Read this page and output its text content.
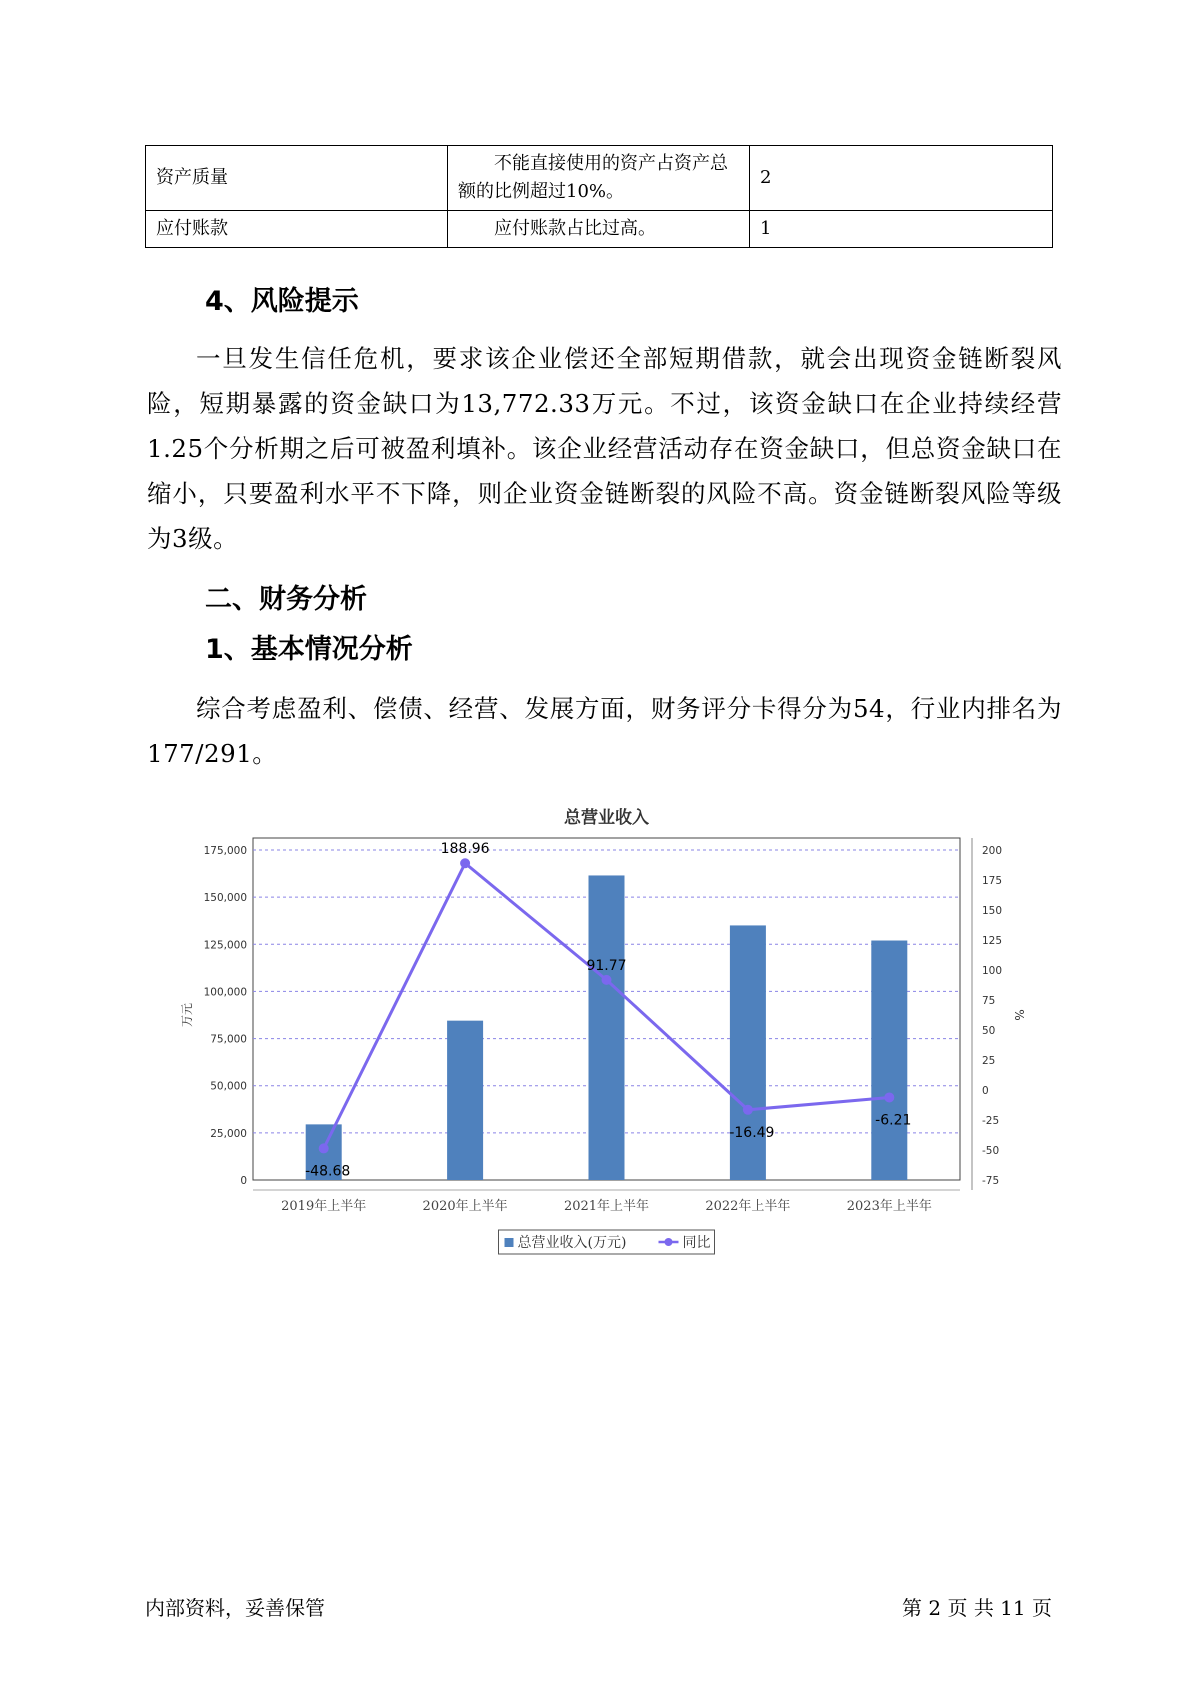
资产质量	不能直接使用的资产占资产总额的比例超过10%。	2
应付账款	应付账款占比过高。	1
4、风险提示

一旦发生信任危机，要求该企业偿还全部短期借款，就会出现资金链断裂风险，短期暴露的资金缺口为13,772.33万元。不过，该资金缺口在企业持续经营 1.25个分析期之后可被盈利填补。该企业经营活动存在资金缺口，但总资金缺口在缩小，只要盈利水平不下降，则企业资金链断裂的风险不高。资金链断裂风险等级为3级。

二、财务分析
1、基本情况分析

综合考虑盈利、偿债、经营、发展方面，财务评分卡得分为54，行业内排名为177/291。

总营业收入
0
25,000
50,000
75,000
100,000
125,000
150,000
175,000
-75
-50
-25
0
25
50
75
100
125
150
175
200
万元	%
2019年上半年	2020年上半年	2021年上半年	2022年上半年	2023年上半年
-48.68
188.96
91.77
-16.49
-6.21
总营业收入(万元)	同比
内部资料，妥善保管	第 2 页 共 11 页
